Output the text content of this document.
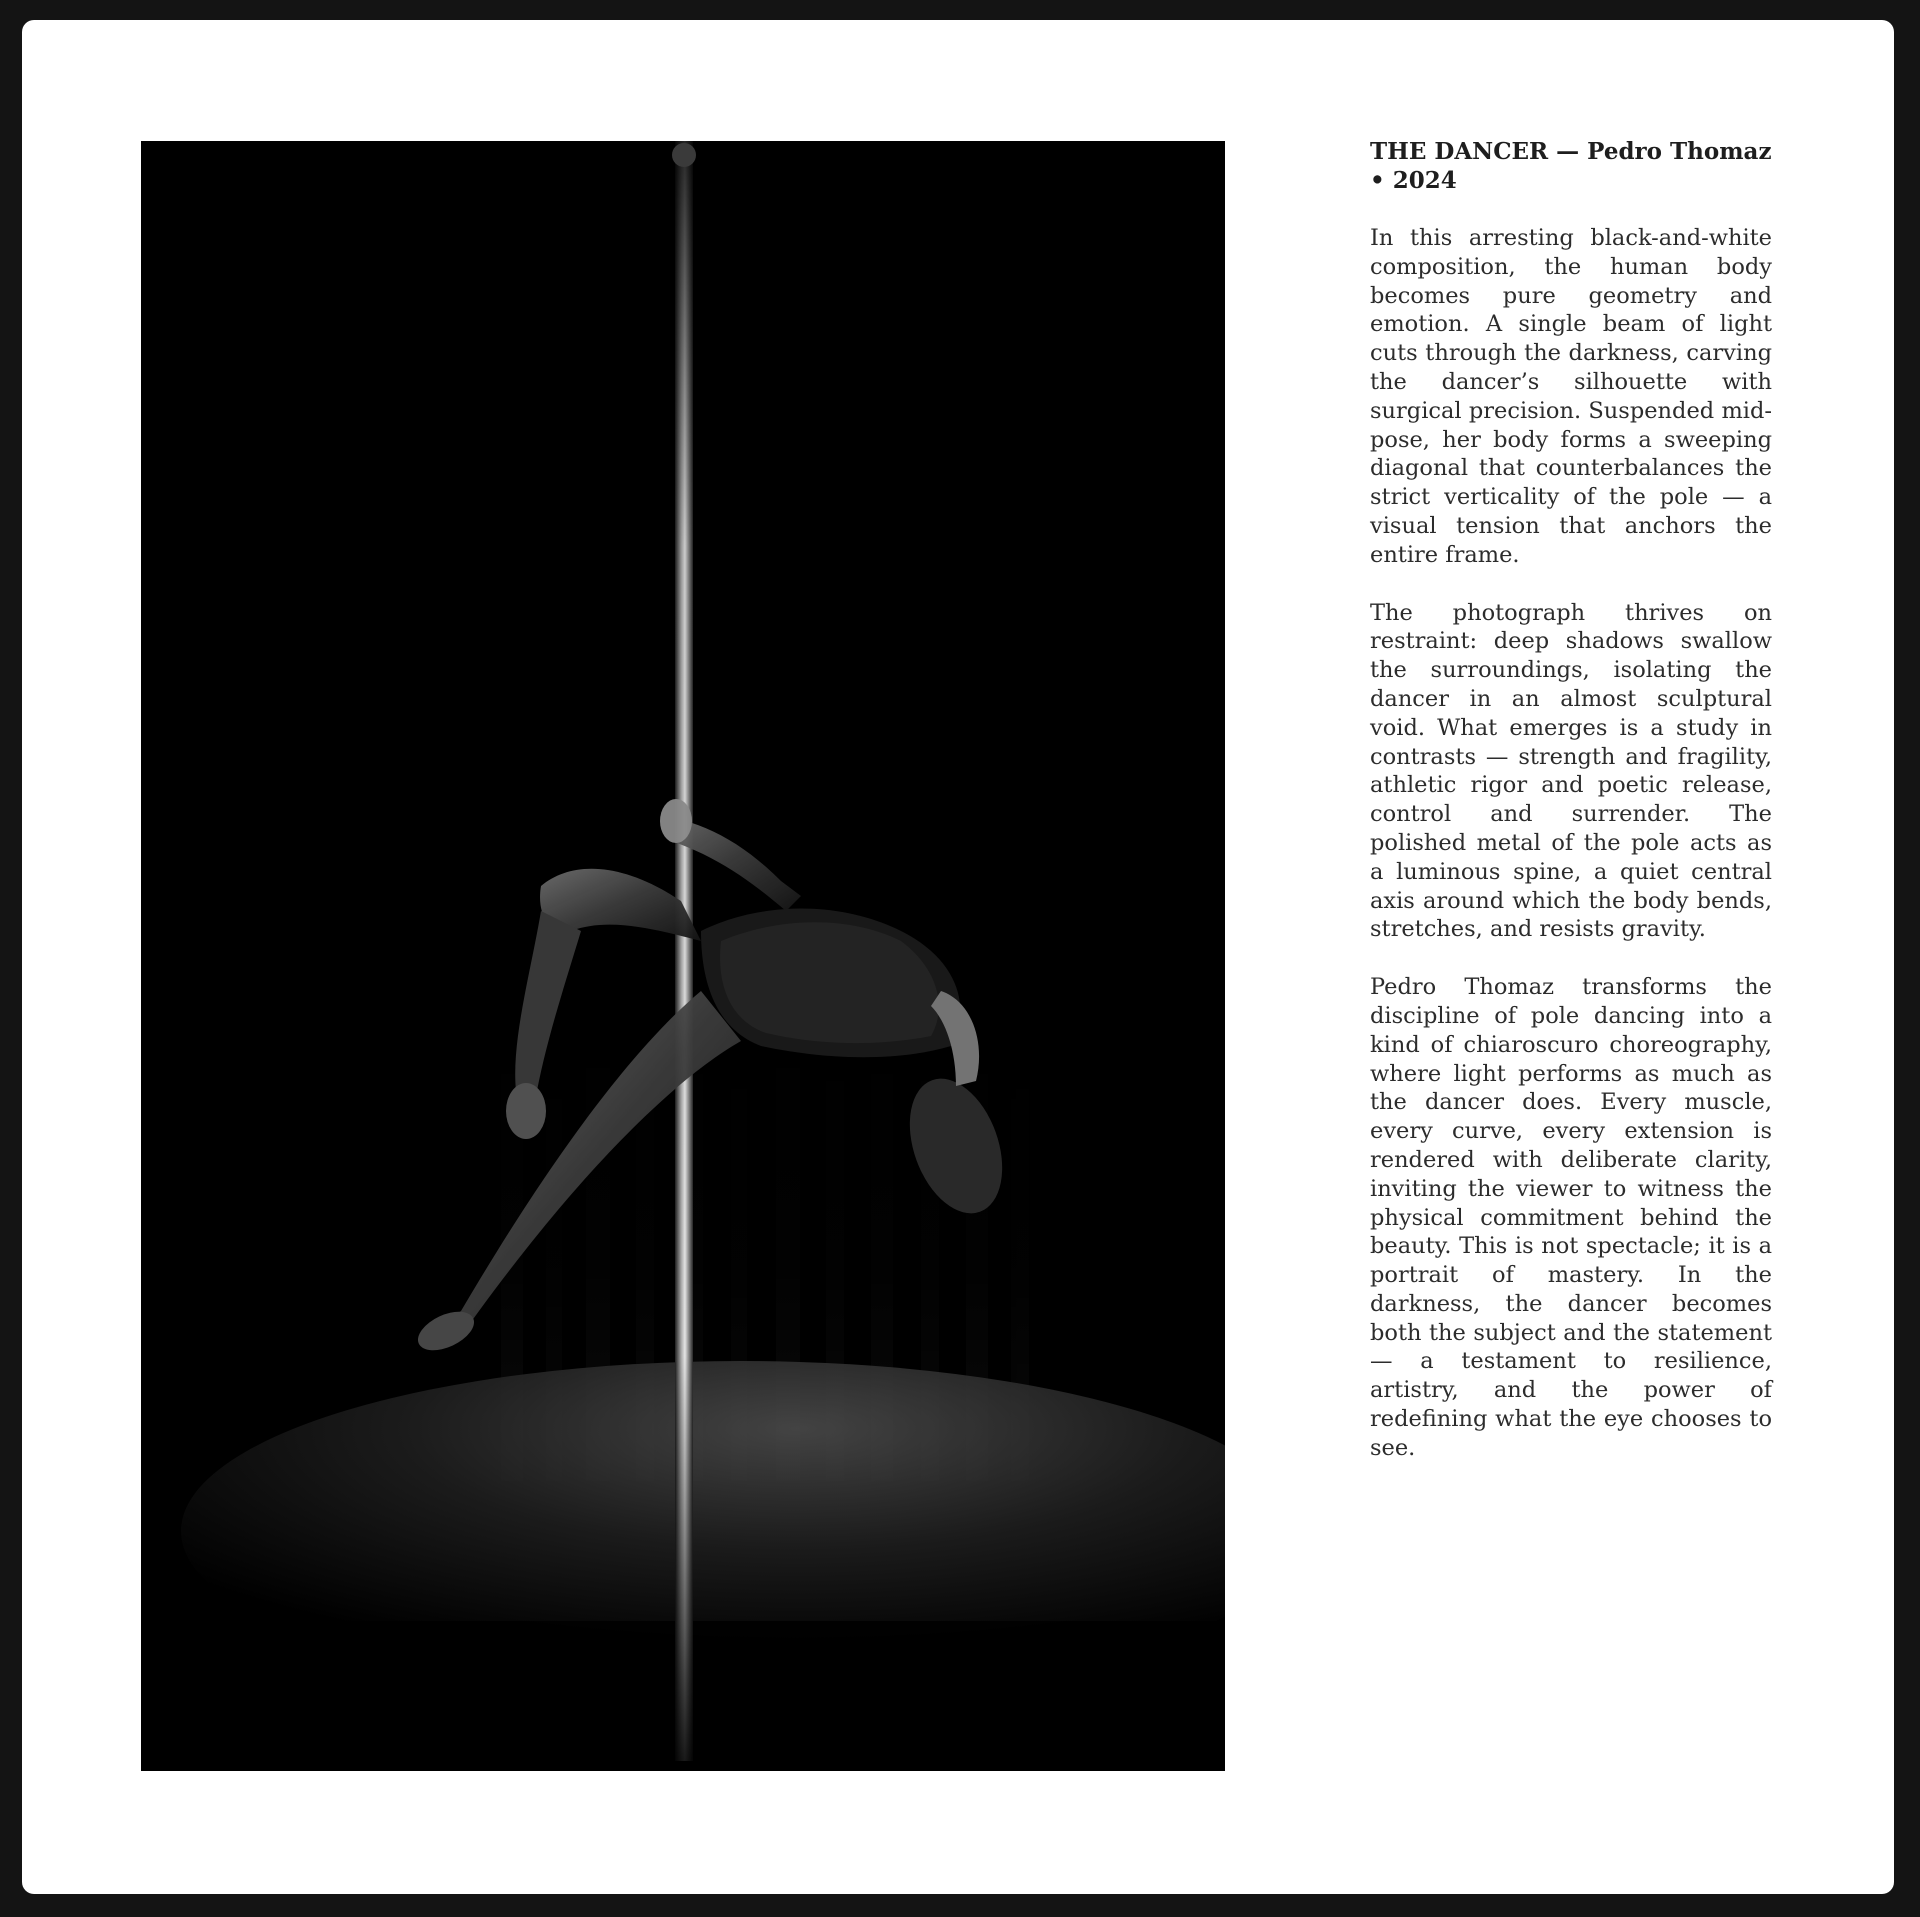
THE DANCER — Pedro Thomaz • 2024

In this arresting black-and-white composition, the human body becomes pure geometry and emotion. A single beam of light cuts through the darkness, carving the dancer’s silhouette with surgical precision. Suspended mid-pose, her body forms a sweeping diagonal that counterbalances the strict verticality of the pole — a visual tension that anchors the entire frame.

The photograph thrives on restraint: deep shadows swallow the surroundings, isolating the dancer in an almost sculptural void. What emerges is a study in contrasts — strength and fragility, athletic rigor and poetic release, control and surrender. The polished metal of the pole acts as a luminous spine, a quiet central axis around which the body bends, stretches, and resists gravity.

Pedro Thomaz transforms the discipline of pole dancing into a kind of chiaroscuro choreography, where light performs as much as the dancer does. Every muscle, every curve, every extension is rendered with deliberate clarity, inviting the viewer to witness the physical commitment behind the beauty. This is not spectacle; it is a portrait of mastery. In the darkness, the dancer becomes both the subject and the statement — a testament to resilience, artistry, and the power of redefining what the eye chooses to see.
